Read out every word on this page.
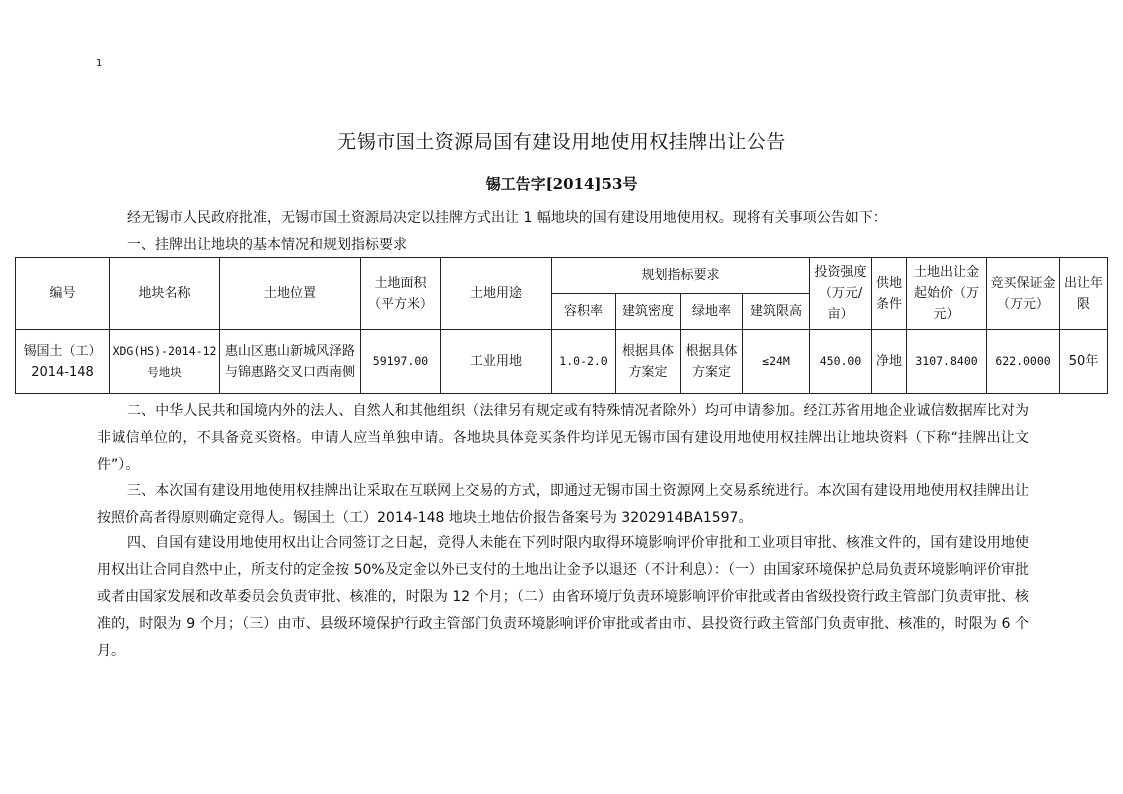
1
无锡市国土资源局国有建设用地使用权挂牌出让公告
锡工告字[2014]53号
经无锡市人民政府批准，无锡市国土资源局决定以挂牌方式出让 1 幅地块的国有建设用地使用权。现将有关事项公告如下：
一、挂牌出让地块的基本情况和规划指标要求
编号	地块名称	土地位置	土地面积（平方米）	土地用途	规划指标要求				投资强度（万元/亩）	供地条件	土地出让金起始价（万元）	竞买保证金（万元）	出让年限
					容积率	建筑密度	绿地率	建筑限高					
锡国土（工）2014-148	XDG(HS)-2014-12号地块	惠山区惠山新城风泽路与锦惠路交叉口西南侧	59197.00	工业用地	1.0-2.0	根据具体方案定	根据具体方案定	≤24M	450.00	净地	3107.8400	622.0000	50年

二、中华人民共和国境内外的法人、自然人和其他组织（法律另有规定或有特殊情况者除外）均可申请参加。经江苏省用地企业诚信数据库比对为非诚信单位的，不具备竞买资格。申请人应当单独申请。各地块具体竞买条件均详见无锡市国有建设用地使用权挂牌出让地块资料（下称“挂牌出让文件”）。

三、本次国有建设用地使用权挂牌出让采取在互联网上交易的方式，即通过无锡市国土资源网上交易系统进行。本次国有建设用地使用权挂牌出让按照价高者得原则确定竞得人。锡国土（工）2014-148 地块土地估价报告备案号为 3202914BA1597。

四、自国有建设用地使用权出让合同签订之日起，竞得人未能在下列时限内取得环境影响评价审批和工业项目审批、核准文件的，国有建设用地使用权出让合同自然中止，所支付的定金按 50%及定金以外已支付的土地出让金予以退还（不计利息）：（一）由国家环境保护总局负责环境影响评价审批或者由国家发展和改革委员会负责审批、核准的，时限为 12 个月；（二）由省环境厅负责环境影响评价审批或者由省级投资行政主管部门负责审批、核准的，时限为 9 个月；（三）由市、县级环境保护行政主管部门负责环境影响评价审批或者由市、县投资行政主管部门负责审批、核准的，时限为 6 个月。
